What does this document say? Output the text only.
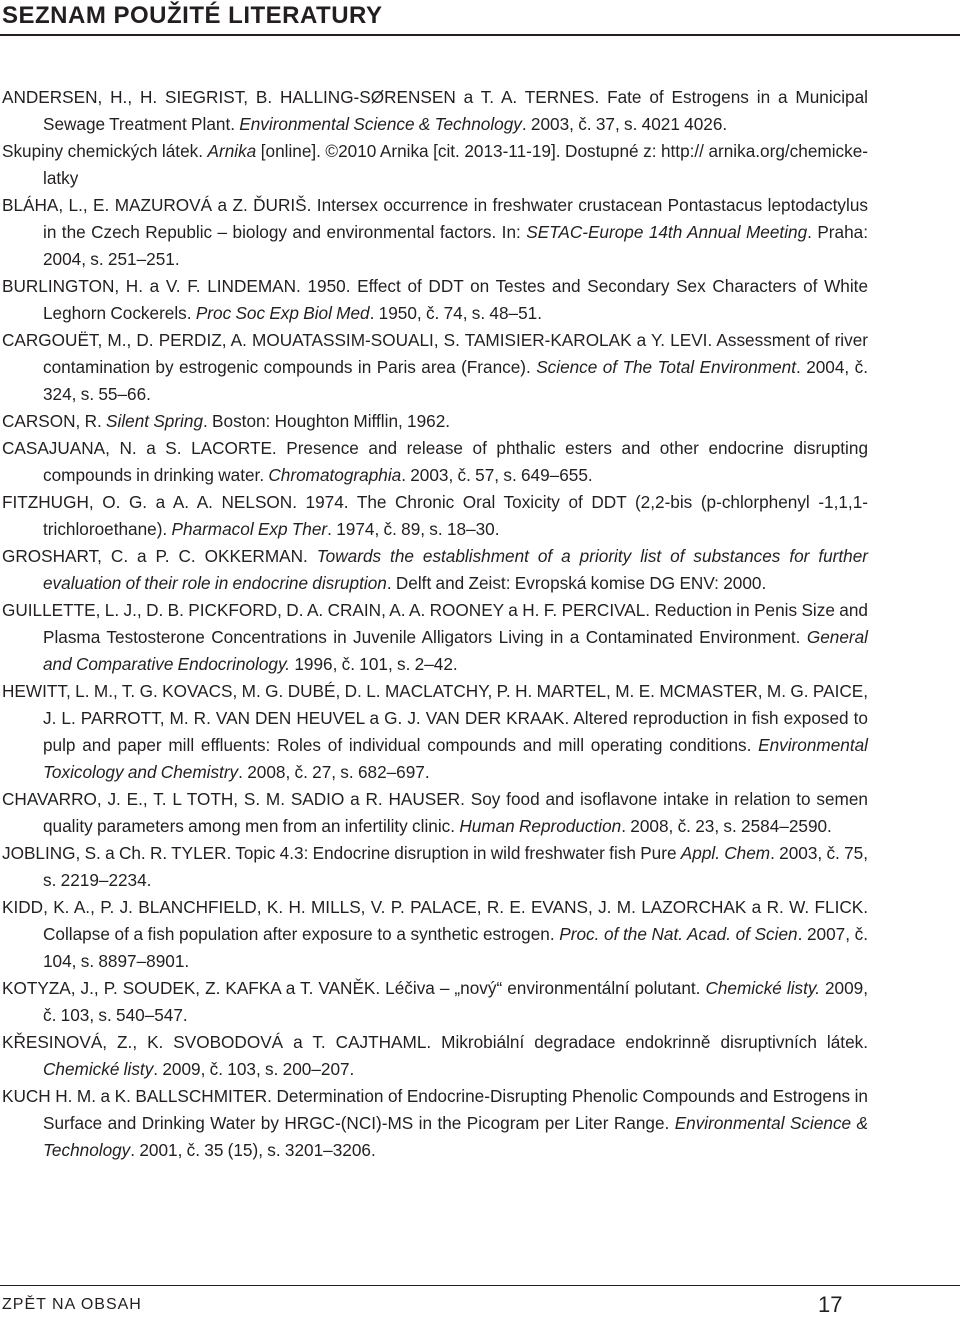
SEZNAM POUŽITÉ LITERATURY
ANDERSEN, H., H. SIEGRIST, B. HALLING-SØRENSEN a T. A. TERNES. Fate of Estrogens in a Municipal Sewage Treatment Plant. Environmental Science & Technology. 2003, č. 37, s. 4021 4026.
Skupiny chemických látek. Arnika [online]. ©2010 Arnika [cit. 2013-11-19]. Dostupné z: http:// arnika.org/chemicke-latky
BLÁHA, L., E. MAZUROVÁ a Z. ĎURIŠ. Intersex occurrence in freshwater crustacean Pontastacus leptodactylus in the Czech Republic – biology and environmental factors. In: SETAC-Europe 14th Annual Meeting. Praha: 2004, s. 251–251.
BURLINGTON, H. a V. F. LINDEMAN. 1950. Effect of DDT on Testes and Secondary Sex Characters of White Leghorn Cockerels. Proc Soc Exp Biol Med. 1950, č. 74, s. 48–51.
CARGOUËT, M., D. PERDIZ, A. MOUATASSIM-SOUALI, S. TAMISIER-KAROLAK a Y. LEVI. Assessment of river contamination by estrogenic compounds in Paris area (France). Science of The Total Environment. 2004, č. 324, s. 55–66.
CARSON, R. Silent Spring. Boston: Houghton Mifflin, 1962.
CASAJUANA, N. a S. LACORTE. Presence and release of phthalic esters and other endocrine disrupting compounds in drinking water. Chromatographia. 2003, č. 57, s. 649–655.
FITZHUGH, O. G. a A. A. NELSON. 1974. The Chronic Oral Toxicity of DDT (2,2-bis (p-chlorphenyl -1,1,1-trichloroethane). Pharmacol Exp Ther. 1974, č. 89, s. 18–30.
GROSHART, C. a P. C. OKKERMAN. Towards the establishment of a priority list of substances for further evaluation of their role in endocrine disruption. Delft and Zeist: Evropská komise DG ENV: 2000.
GUILLETTE, L. J., D. B. PICKFORD, D. A. CRAIN, A. A. ROONEY a H. F. PERCIVAL. Reduction in Penis Size and Plasma Testosterone Concentrations in Juvenile Alligators Living in a Contaminated Environment. General and Comparative Endocrinology. 1996, č. 101, s. 2–42.
HEWITT, L. M., T. G. KOVACS, M. G. DUBÉ, D. L. MACLATCHY, P. H. MARTEL, M. E. MCMASTER, M. G. PAICE, J. L. PARROTT, M. R. VAN DEN HEUVEL a G. J. VAN DER KRAAK. Altered reproduction in fish exposed to pulp and paper mill effluents: Roles of individual compounds and mill operating conditions. Environmental Toxicology and Chemistry. 2008, č. 27, s. 682–697.
CHAVARRO, J. E., T. L TOTH, S. M. SADIO a R. HAUSER. Soy food and isoflavone intake in relation to semen quality parameters among men from an infertility clinic. Human Reproduction. 2008, č. 23, s. 2584–2590.
JOBLING, S. a Ch. R. TYLER. Topic 4.3: Endocrine disruption in wild freshwater fish Pure Appl. Chem. 2003, č. 75, s. 2219–2234.
KIDD, K. A., P. J. BLANCHFIELD, K. H. MILLS, V. P. PALACE, R. E. EVANS, J. M. LAZORCHAK a R. W. FLICK. Collapse of a fish population after exposure to a synthetic estrogen. Proc. of the Nat. Acad. of Scien. 2007, č. 104, s. 8897–8901.
KOTYZA, J., P. SOUDEK, Z. KAFKA a T. VANĚK. Léčiva – „nový“ environmentální polutant. Chemické listy. 2009, č. 103, s. 540–547.
KŘESINOVÁ, Z., K. SVOBODOVÁ a T. CAJTHAML. Mikrobiální degradace endokrinně disruptivních látek. Chemické listy. 2009, č. 103, s. 200–207.
KUCH H. M. a K. BALLSCHMITER. Determination of Endocrine-Disrupting Phenolic Compounds and Estrogens in Surface and Drinking Water by HRGC-(NCI)-MS in the Picogram per Liter Range. Environmental Science & Technology. 2001, č. 35 (15), s. 3201–3206.
ZPĚT NA OBSAH	17
